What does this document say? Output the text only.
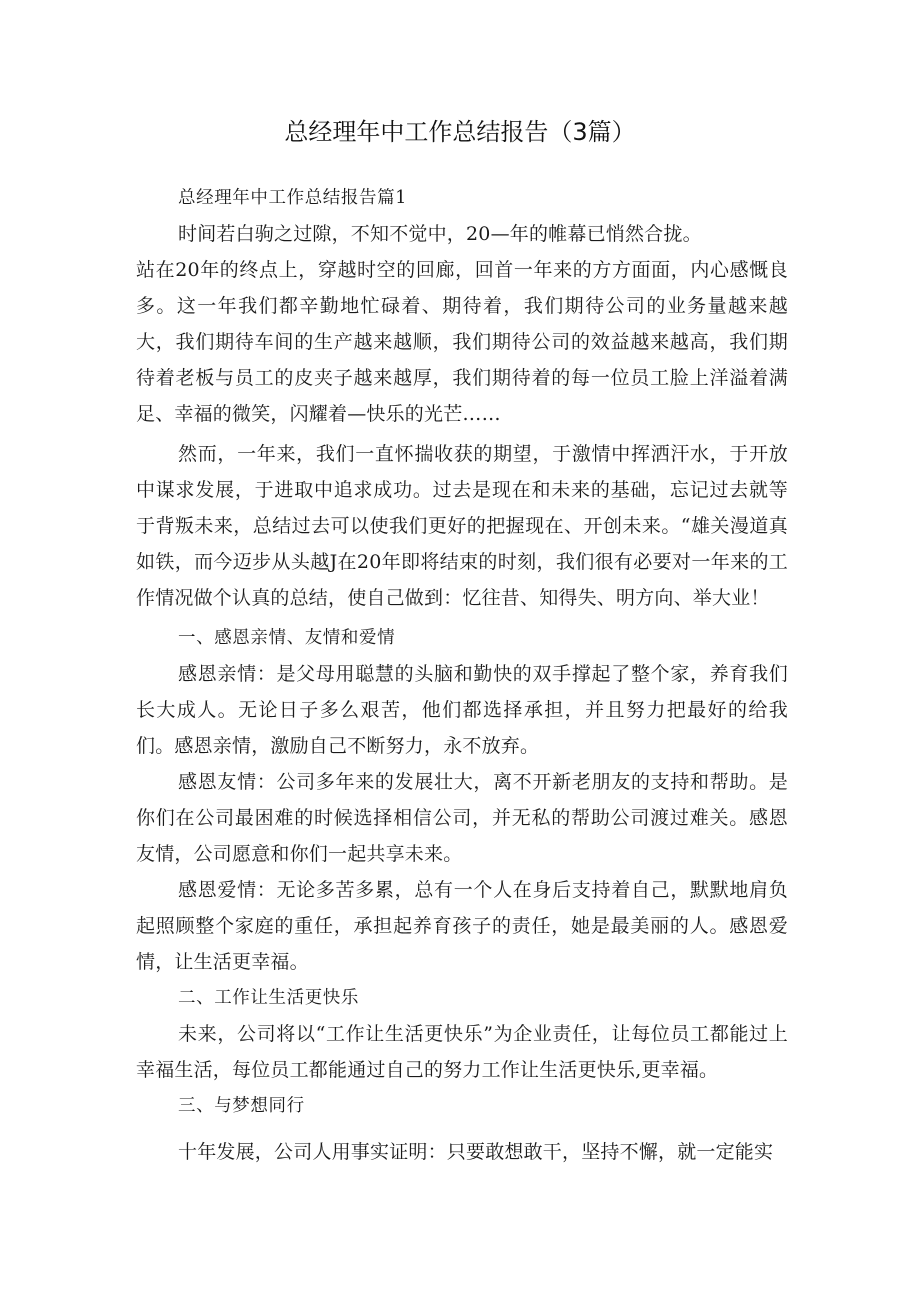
总经理年中工作总结报告（3篇）

总经理年中工作总结报告篇1

时间若白驹之过隙，不知不觉中，20—年的帷幕已悄然合拢。

站在20年的终点上，穿越时空的回廊，回首一年来的方方面面，内心感慨良多。这一年我们都辛勤地忙碌着、期待着，我们期待公司的业务量越来越大，我们期待车间的生产越来越顺，我们期待公司的效益越来越高，我们期待着老板与员工的皮夹子越来越厚，我们期待着的每一位员工脸上洋溢着满足、幸福的微笑，闪耀着—快乐的光芒……

然而，一年来，我们一直怀揣收获的期望，于激情中挥洒汗水，于开放中谋求发展，于进取中追求成功。过去是现在和未来的基础，忘记过去就等于背叛未来，总结过去可以使我们更好的把握现在、开创未来。“雄关漫道真如铁，而今迈步从头越J在20年即将结束的时刻，我们很有必要对一年来的工作情况做个认真的总结，使自己做到：忆往昔、知得失、明方向、举大业！

一、感恩亲情、友情和爱情

感恩亲情：是父母用聪慧的头脑和勤快的双手撑起了整个家，养育我们长大成人。无论日子多么艰苦，他们都选择承担，并且努力把最好的给我们。感恩亲情，激励自己不断努力，永不放弃。

感恩友情：公司多年来的发展壮大，离不开新老朋友的支持和帮助。是你们在公司最困难的时候选择相信公司，并无私的帮助公司渡过难关。感恩友情，公司愿意和你们一起共享未来。

感恩爱情：无论多苦多累，总有一个人在身后支持着自己，默默地肩负起照顾整个家庭的重任，承担起养育孩子的责任，她是最美丽的人。感恩爱情，让生活更幸福。

二、工作让生活更快乐

未来，公司将以“工作让生活更快乐”为企业责任，让每位员工都能过上幸福生活，每位员工都能通过自己的努力工作让生活更快乐,更幸福。

三、与梦想同行

十年发展，公司人用事实证明：只要敢想敢干，坚持不懈，就一定能实
